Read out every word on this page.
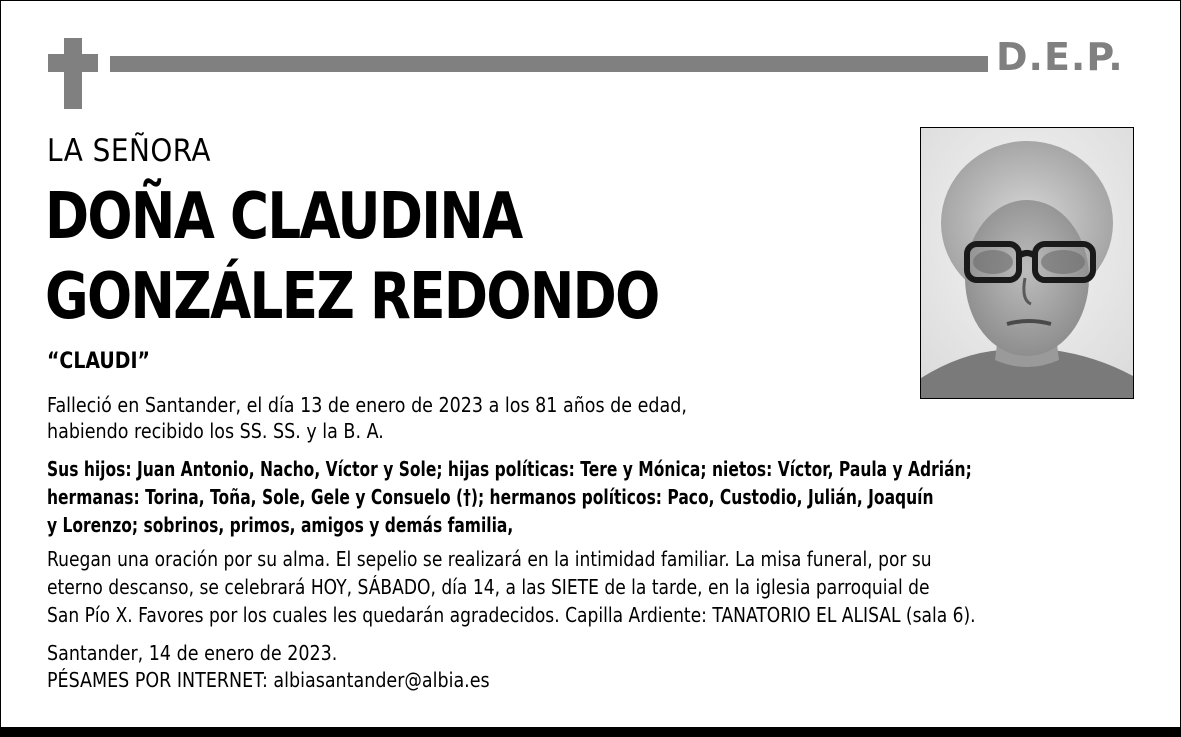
D.E.P.
LA SEÑORA
DOÑA CLAUDINA
GONZÁLEZ REDONDO
“CLAUDI”
Falleció en Santander, el día 13 de enero de 2023 a los 81 años de edad,
habiendo recibido los SS. SS. y la B. A.
Sus hijos: Juan Antonio, Nacho, Víctor y Sole; hijas políticas: Tere y Mónica; nietos: Víctor, Paula y Adrián;
hermanas: Torina, Toña, Sole, Gele y Consuelo (†); hermanos políticos: Paco, Custodio, Julián, Joaquín
y Lorenzo; sobrinos, primos, amigos y demás familia,
Ruegan una oración por su alma. El sepelio se realizará en la intimidad familiar. La misa funeral, por su
eterno descanso, se celebrará HOY, SÁBADO, día 14, a las SIETE de la tarde, en la iglesia parroquial de
San Pío X. Favores por los cuales les quedarán agradecidos. Capilla Ardiente: TANATORIO EL ALISAL (sala 6).
Santander, 14 de enero de 2023.
PÉSAMES POR INTERNET: albiasantander@albia.es
